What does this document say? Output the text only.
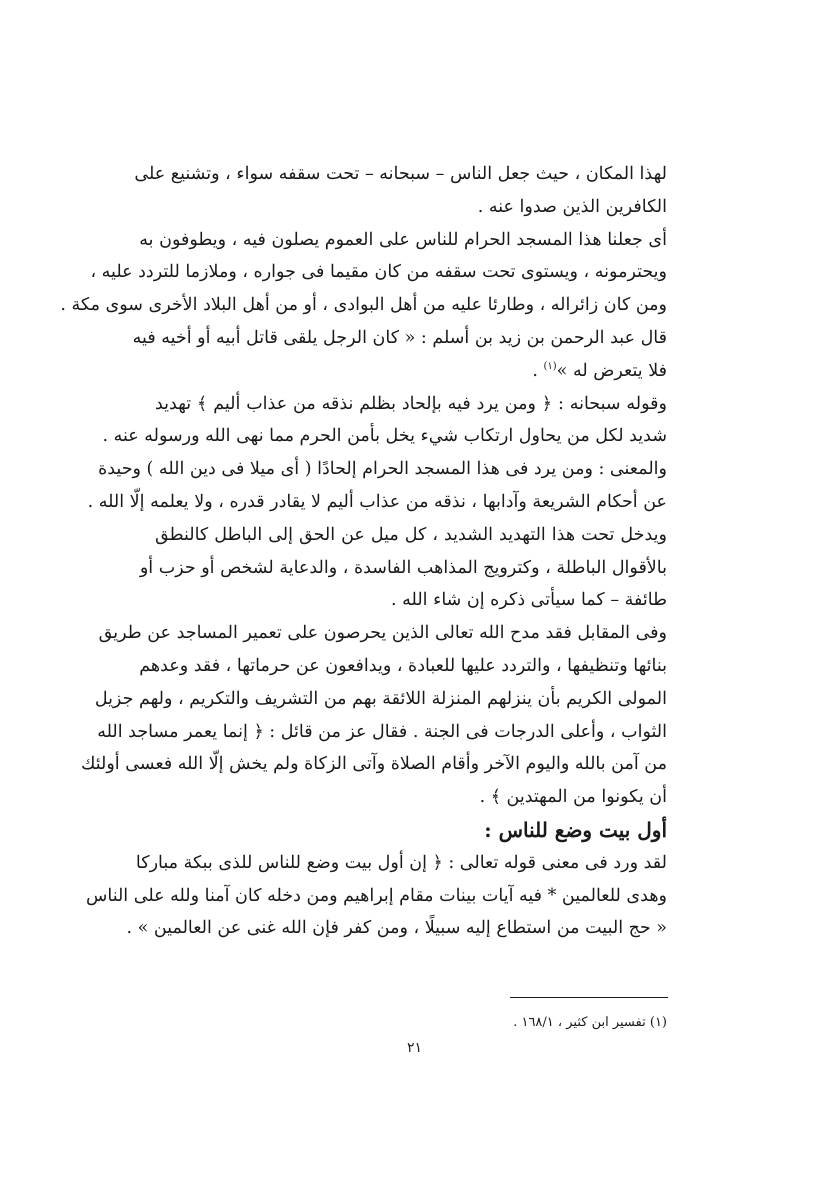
لهذا المكان ، حيث جعل الناس – سبحانه – تحت سقفه سواء ، وتشنيع على
الكافرين الذين صدوا عنه .
أى جعلنا هذا المسجد الحرام للناس على العموم يصلون فيه ، ويطوفون به
ويحترمونه ، ويستوى تحت سقفه من كان مقيما فى جواره ، وملازما للتردد عليه ،
ومن كان زائراله ، وطارئا عليه من أهل البوادى ، أو من أهل البلاد الأخرى سوى مكة .
قال عبد الرحمن بن زيد بن أسلم : « كان الرجل يلقى قاتل أبيه أو أخيه فيه
فلا يتعرض له »$^{(١)}$ .
وقوله سبحانه : ﴿ ومن يرد فيه بإلحاد بظلم نذقه من عذاب أليم ﴾ تهديد
شديد لكل من يحاول ارتكاب شيء يخل بأمن الحرم مما نهى الله ورسوله عنه .
والمعنى : ومن يرد فى هذا المسجد الحرام إلحادًا ( أى ميلا فى دين الله ) وحيدة
عن أحكام الشريعة وآدابها ، نذقه من عذاب أليم لا يقادر قدره ، ولا يعلمه إلّا الله .
ويدخل تحت هذا التهديد الشديد ، كل ميل عن الحق إلى الباطل كالنطق
بالأقوال الباطلة ، وكترويج المذاهب الفاسدة ، والدعاية لشخص أو حزب أو
طائفة – كما سيأتى ذكره إن شاء الله .
وفى المقابل فقد مدح الله تعالى الذين يحرصون على تعمير المساجد عن طريق
بنائها وتنظيفها ، والتردد عليها للعبادة ، ويدافعون عن حرماتها ، فقد وعدهم
المولى الكريم بأن ينزلهم المنزلة اللائقة بهم من التشريف والتكريم ، ولهم جزيل
الثواب ، وأعلى الدرجات فى الجنة . فقال عز من قائل : ﴿ إنما يعمر مساجد الله
من آمن بالله واليوم الآخر وأقام الصلاة وآتى الزكاة ولم يخش إلّا الله فعسى أولئك
أن يكونوا من المهتدين ﴾ .
أول بيت وضع للناس :
لقد ورد فى معنى قوله تعالى : ﴿ إن أول بيت وضع للناس للذى ببكة مباركا
وهدى للعالمين * فيه آيات بينات مقام إبراهيم ومن دخله كان آمنا ولله على الناس
« حج البيت من استطاع إليه سبيلًا ، ومن كفر فإن الله غنى عن العالمين » .
(١) تفسير ابن كثير ، ١٦٨/١ .
٢١
